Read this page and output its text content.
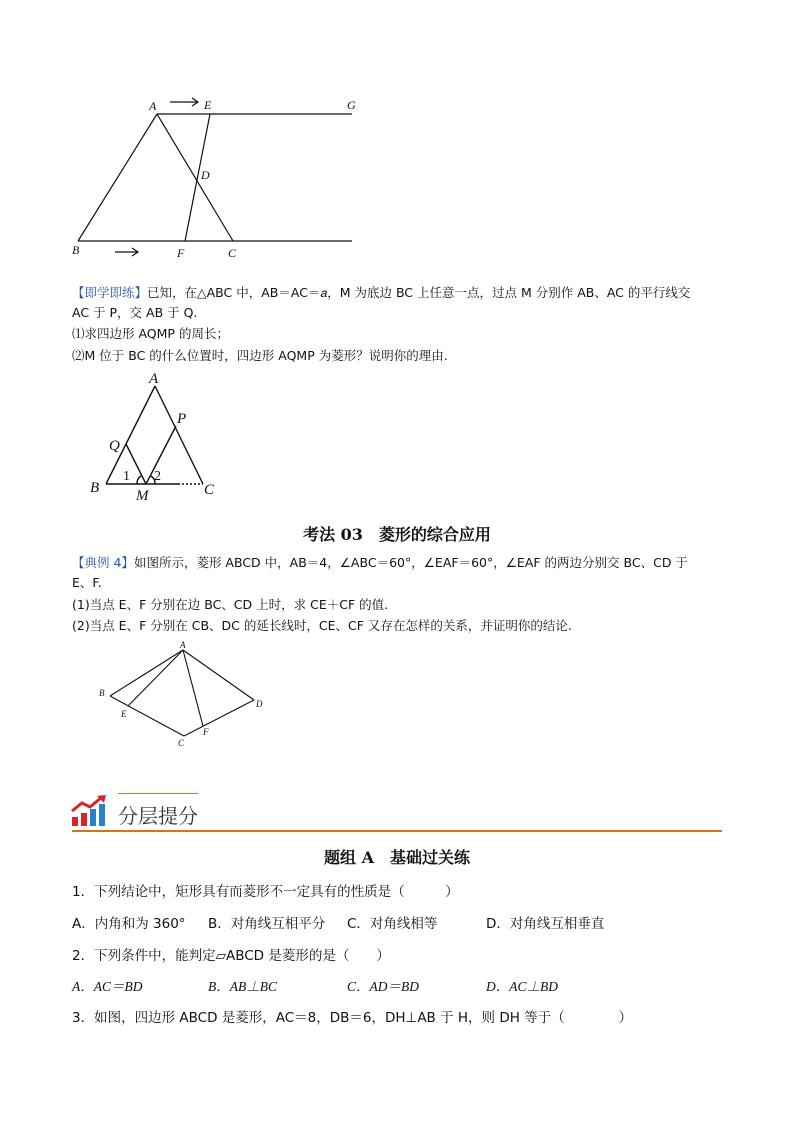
A	E	G
D
B	F	C
【即学即练】已知，在△ABC 中，AB＝AC＝𝑎，M 为底边 BC 上任意一点，过点 M 分别作 AB、AC 的平行线交
AC 于 P，交 AB 于 Q.
⑴求四边形 AQMP 的周长；
⑵M 位于 BC 的什么位置时，四边形 AQMP 为菱形？说明你的理由.
A
P
Q
B
1 2
M	C
考法 03　菱形的综合应用
【典例 4】如图所示，菱形 ABCD 中，AB＝4，∠ABC＝60°，∠EAF＝60°，∠EAF 的两边分别交 BC、CD 于
E、F.
(1)当点 E、F 分别在边 BC、CD 上时，求 CE＋CF 的值.
(2)当点 E、F 分别在 CB、DC 的延长线时，CE、CF 又存在怎样的关系，并证明你的结论.
A
B
E
D
C
F
分层提分
题组 A　基础过关练
1．下列结论中，矩形具有而菱形不一定具有的性质是（　　　）
A．内角和为 360° B．对角线互相平分 C．对角线相等	D．对角线互相垂直
2．下列条件中，能判定▱ABCD 是菱形的是（　　）
A．AC＝BD	B．AB⊥BC	C．AD＝BD	D．AC⊥BD
3．如图，四边形 ABCD 是菱形，AC＝8，DB＝6，DH⊥AB 于 H，则 DH 等于（　　　　）
